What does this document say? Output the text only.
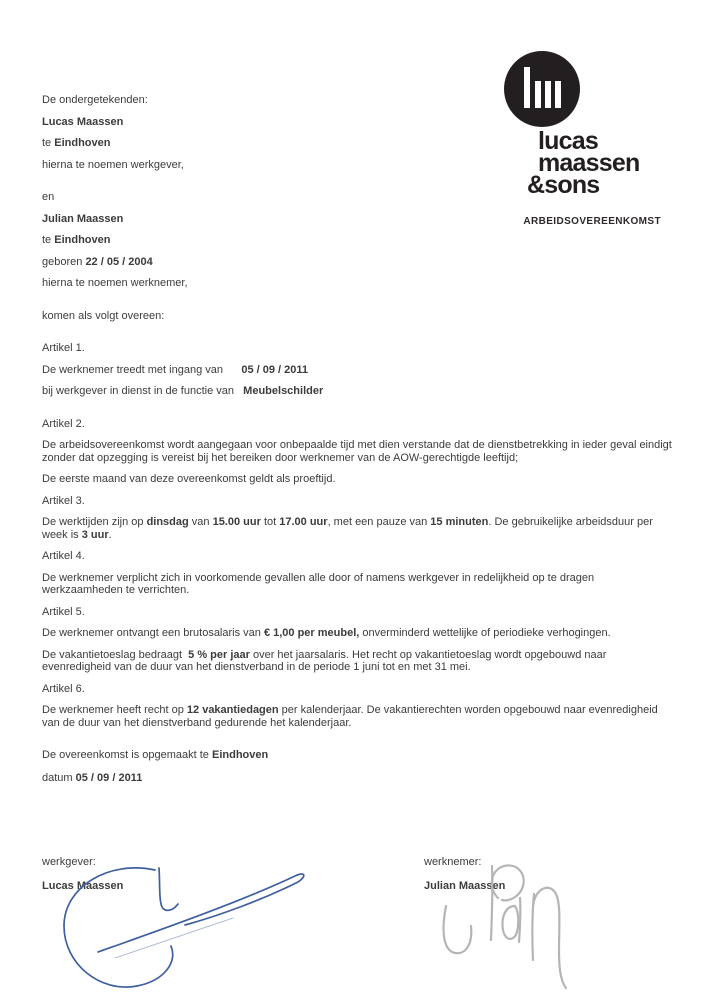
lucas
maassen
&sons
ARBEIDSOVEREENKOMST

De ondergetekenden:

Lucas Maassen

te Eindhoven

hierna te noemen werkgever,

en

Julian Maassen

te Eindhoven

geboren 22 / 05 / 2004

hierna te noemen werknemer,

komen als volgt overeen:

Artikel 1.

De werknemer treedt met ingang van      05 / 09 / 2011

bij werkgever in dienst in de functie van   Meubelschilder

Artikel 2.

De arbeidsovereenkomst wordt aangegaan voor onbepaalde tijd met dien verstande dat de dienstbetrekking in ieder geval eindigt zonder dat opzegging is vereist bij het bereiken door werknemer van de AOW-gerechtigde leeftijd;

De eerste maand van deze overeenkomst geldt als proeftijd.

Artikel 3.

De werktijden zijn op dinsdag van 15.00 uur tot 17.00 uur, met een pauze van 15 minuten. De gebruikelijke arbeidsduur per week is 3 uur.

Artikel 4.

De werknemer verplicht zich in voorkomende gevallen alle door of namens werkgever in redelijkheid op te dragen werkzaamheden te verrichten.

Artikel 5.

De werknemer ontvangt een brutosalaris van € 1,00 per meubel, onverminderd wettelijke of periodieke verhogingen.

De vakantietoeslag bedraagt  5 % per jaar over het jaarsalaris. Het recht op vakantietoeslag wordt opgebouwd naar evenredigheid van de duur van het dienstverband in de periode 1 juni tot en met 31 mei.

Artikel 6.

De werknemer heeft recht op 12 vakantiedagen per kalenderjaar. De vakantierechten worden opgebouwd naar evenredigheid van de duur van het dienstverband gedurende het kalenderjaar.

De overeenkomst is opgemaakt te Eindhoven

datum 05 / 09 / 2011

werkgever:

Lucas Maassen

werknemer:

Julian Maassen
